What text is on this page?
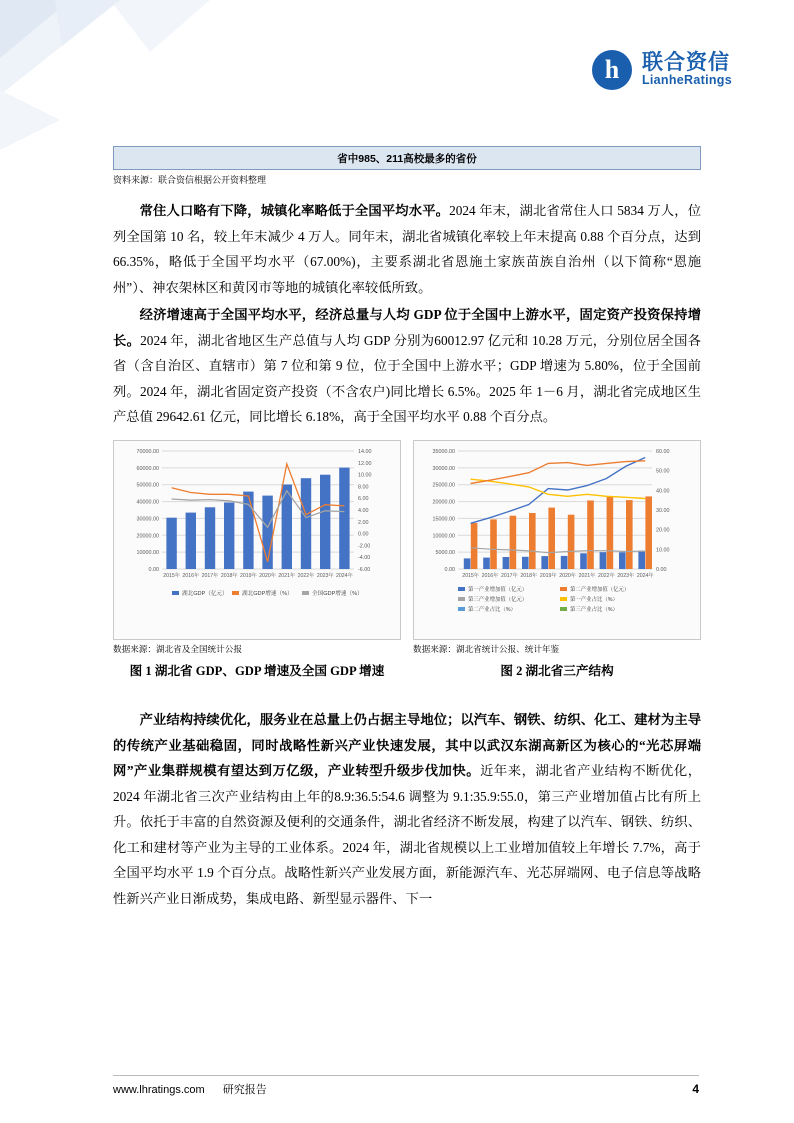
h 联合资信
LianheRatings
省中985、211高校最多的省份
资料来源：联合资信根据公开资料整理

常住人口略有下降，城镇化率略低于全国平均水平。2024 年末，湖北省常住人口 5834 万人，位列全国第 10 名，较上年末减少 4 万人。同年末，湖北省城镇化率较上年末提高 0.88 个百分点，达到 66.35%，略低于全国平均水平（67.00%)，主要系湖北省恩施土家族苗族自治州（以下简称“恩施州”）、神农架林区和黄冈市等地的城镇化率较低所致。

经济增速高于全国平均水平，经济总量与人均 GDP 位于全国中上游水平，固定资产投资保持增长。2024 年，湖北省地区生产总值与人均 GDP 分别为60012.97 亿元和 10.28 万元，分别位居全国各省（含自治区、直辖市）第 7 位和第 9 位，位于全国中上游水平；GDP 增速为 5.80%，位于全国前列。2024 年，湖北省固定资产投资（不含农户)同比增长 6.5%。2025 年 1－6 月，湖北省完成地区生产总值 29642.61 亿元，同比增长 6.18%，高于全国平均水平 0.88 个百分点。

70000.00
60000.00
50000.00
40000.00
30000.00
20000.00
10000.00
0.00
14.00
12.00
10.00
8.00
6.00
4.00
2.00
0.00
-2.00
-4.00
-6.00
2015年 2016年 2017年 2018年 2019年 2020年 2021年 2022年 2023年 2024年
湖北GDP（亿元）	湖北GDP增速（%）	全国GDP增速（%）
数据来源：湖北省及全国统计公报
图 1 湖北省 GDP、GDP 增速及全国 GDP 增速
35000.00
30000.00
25000.00
20000.00
15000.00
10000.00
5000.00
0.00
60.00
50.00
40.00
30.00
20.00
10.00
0.00
2015年 2016年 2017年 2018年 2019年 2020年 2021年 2022年 2023年 2024年
第一产业增加值（亿元）	第二产业增加值（亿元）
第三产业增加值（亿元）	第一产业占比（%）
第二产业占比（%）	第三产业占比（%）
数据来源：湖北省统计公报、统计年鉴
图 2 湖北省三产结构

产业结构持续优化，服务业在总量上仍占据主导地位；以汽车、钢铁、纺织、化工、建材为主导的传统产业基础稳固，同时战略性新兴产业快速发展，其中以武汉东湖高新区为核心的“光芯屏端网”产业集群规模有望达到万亿级，产业转型升级步伐加快。近年来，湖北省产业结构不断优化，2024 年湖北省三次产业结构由上年的8.9:36.5:54.6 调整为 9.1:35.9:55.0，第三产业增加值占比有所上升。依托于丰富的自然资源及便利的交通条件，湖北省经济不断发展，构建了以汽车、钢铁、纺织、化工和建材等产业为主导的工业体系。2024 年，湖北省规模以上工业增加值较上年增长 7.7%，高于全国平均水平 1.9 个百分点。战略性新兴产业发展方面，新能源汽车、光芯屏端网、电子信息等战略性新兴产业日渐成势，集成电路、新型显示器件、下一

www.lhratings.com 研究报告	4
